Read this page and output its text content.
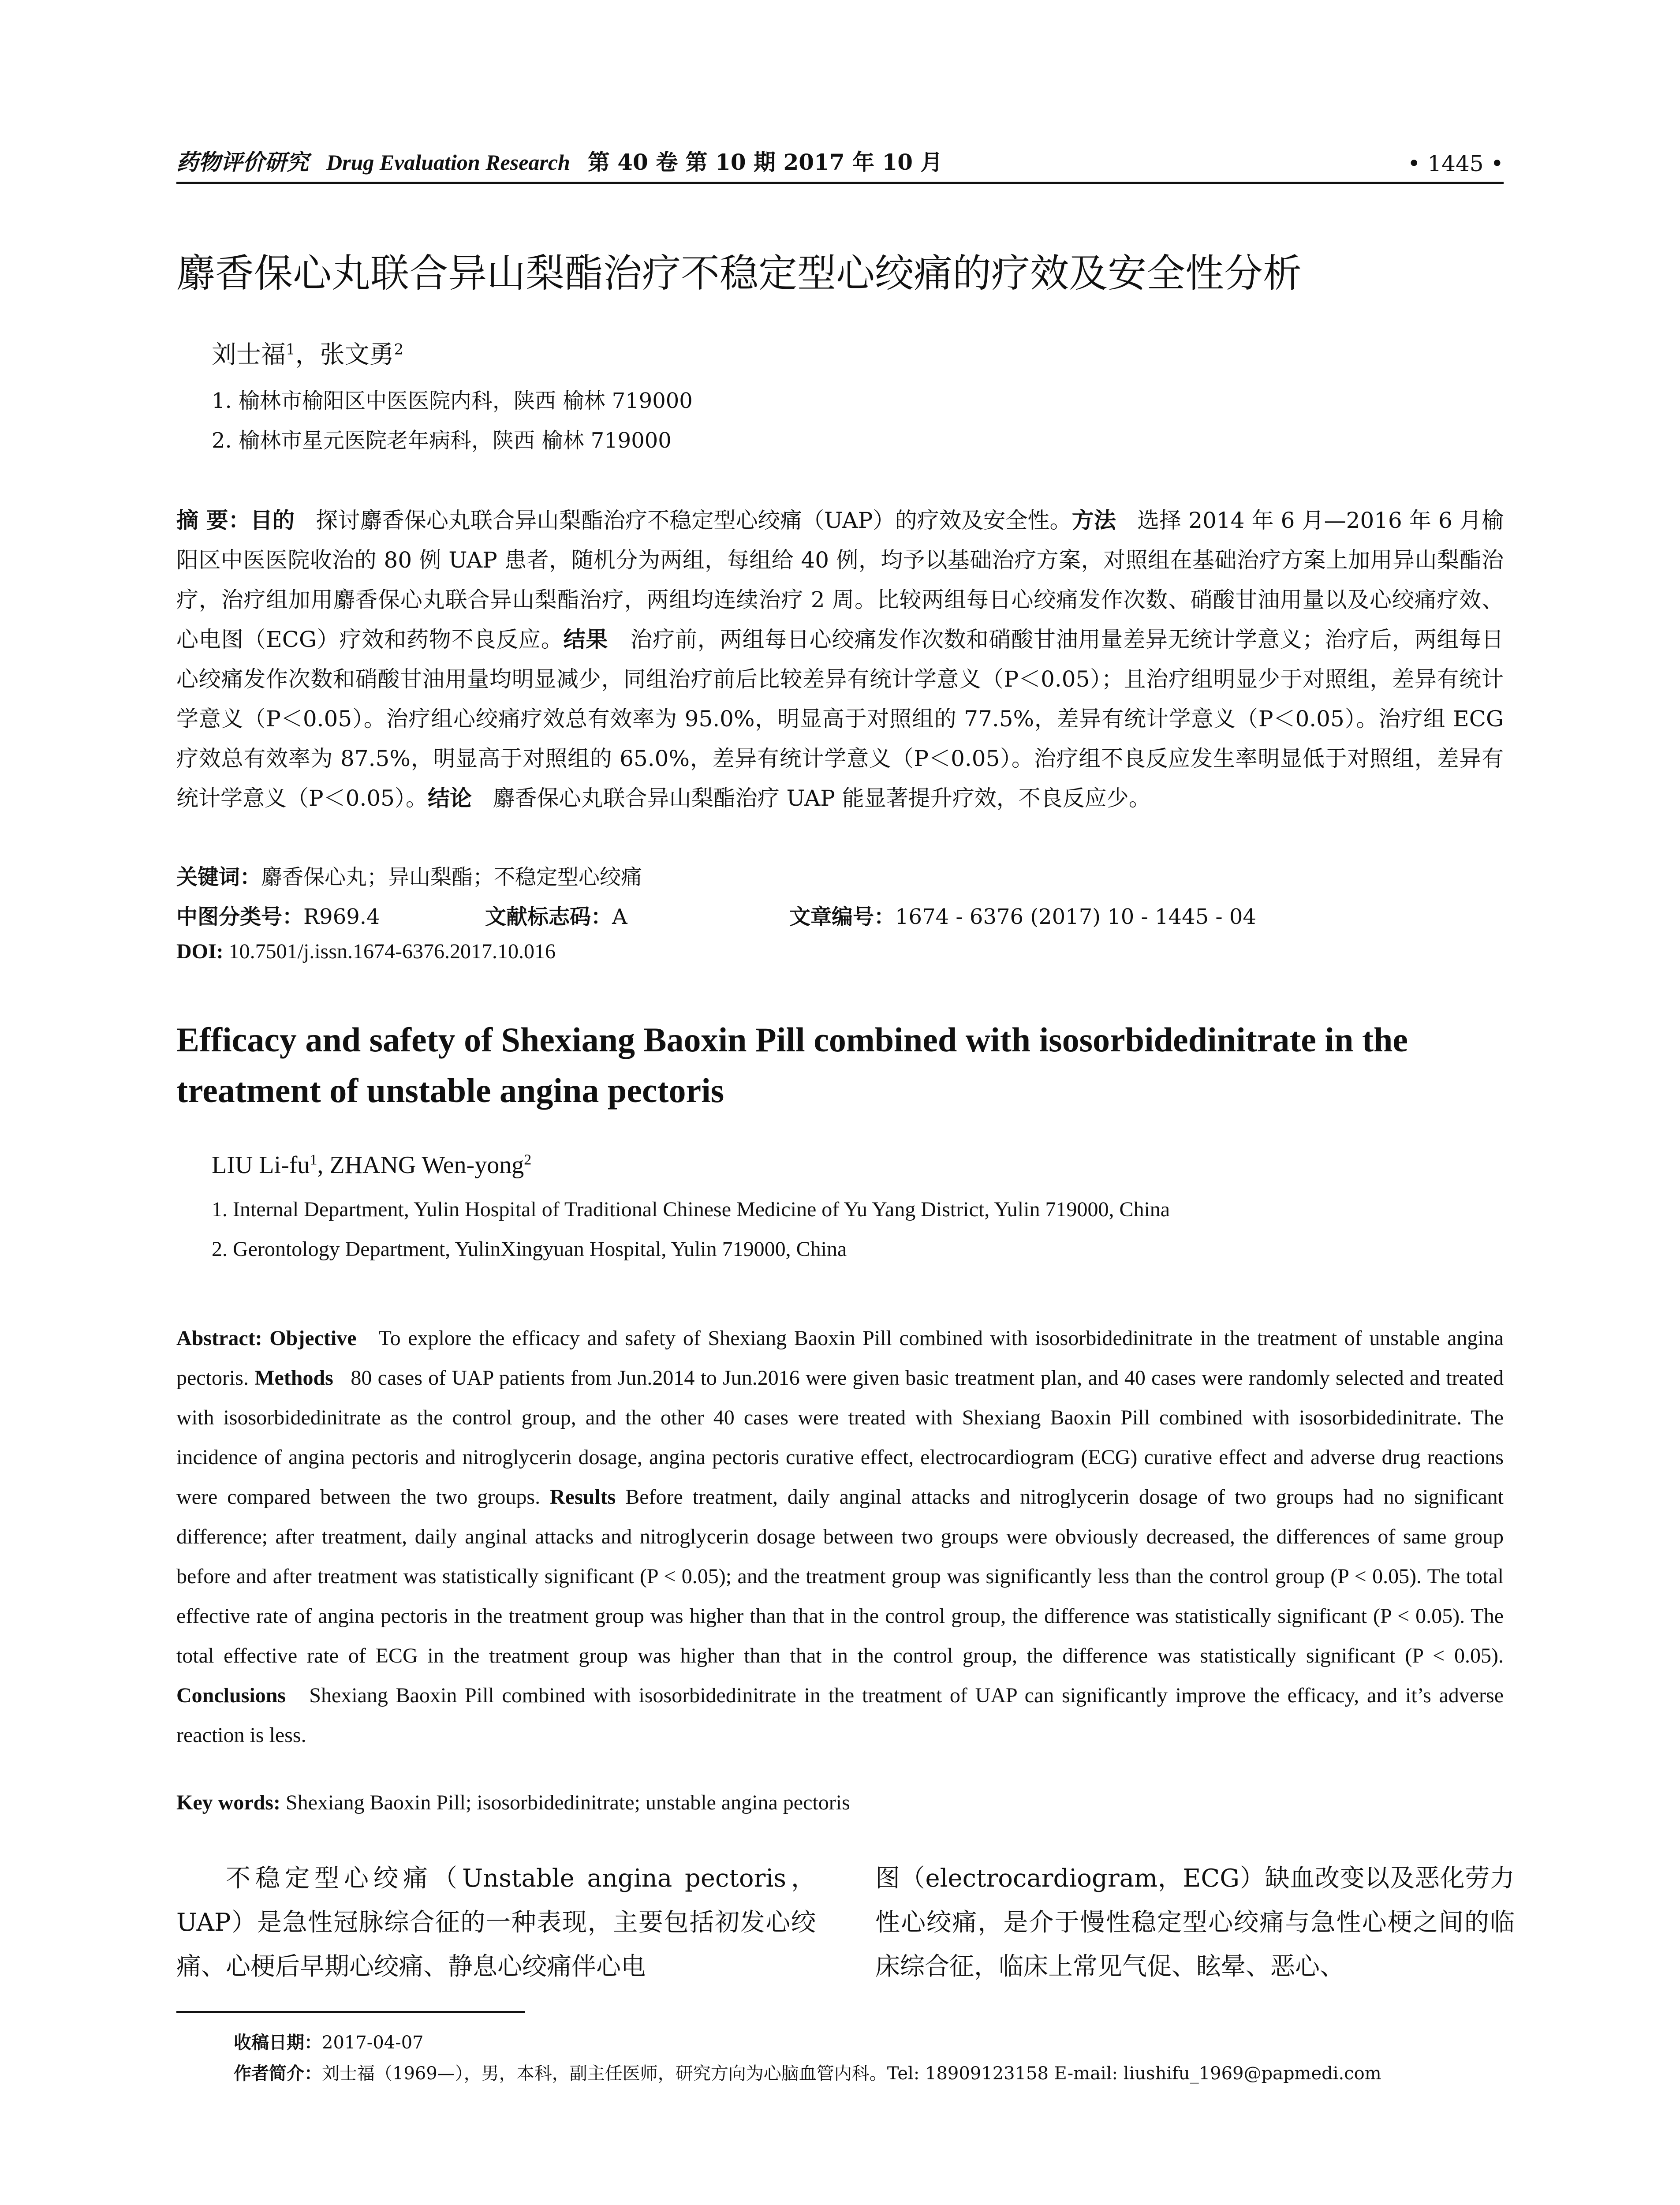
药物评价研究 Drug Evaluation Research 第 40 卷 第 10 期 2017 年 10 月	• 1445 •
麝香保心丸联合异山梨酯治疗不稳定型心绞痛的疗效及安全性分析
刘士福$^1$，张文勇$^2$
1. 榆林市榆阳区中医医院内科，陕西 榆林 719000
2. 榆林市星元医院老年病科，陕西 榆林 719000
摘 要：目的 探讨麝香保心丸联合异山梨酯治疗不稳定型心绞痛（UAP）的疗效及安全性。方法 选择 2014 年 6 月—2016 年 6 月榆阳区中医医院收治的 80 例 UAP 患者，随机分为两组，每组给 40 例，均予以基础治疗方案，对照组在基础治疗方案上加用异山梨酯治疗，治疗组加用麝香保心丸联合异山梨酯治疗，两组均连续治疗 2 周。比较两组每日心绞痛发作次数、硝酸甘油用量以及心绞痛疗效、心电图（ECG）疗效和药物不良反应。结果 治疗前，两组每日心绞痛发作次数和硝酸甘油用量差异无统计学意义；治疗后，两组每日心绞痛发作次数和硝酸甘油用量均明显减少，同组治疗前后比较差异有统计学意义（P＜0.05）；且治疗组明显少于对照组，差异有统计学意义（P＜0.05）。治疗组心绞痛疗效总有效率为 95.0%，明显高于对照组的 77.5%，差异有统计学意义（P＜0.05）。治疗组 ECG 疗效总有效率为 87.5%，明显高于对照组的 65.0%，差异有统计学意义（P＜0.05）。治疗组不良反应发生率明显低于对照组，差异有统计学意义（P＜0.05）。结论 麝香保心丸联合异山梨酯治疗 UAP 能显著提升疗效，不良反应少。
关键词：麝香保心丸；异山梨酯；不稳定型心绞痛
中图分类号：R969.4	文献标志码：A	文章编号：1674 - 6376 (2017) 10 - 1445 - 04
DOI: 10.7501/j.issn.1674-6376.2017.10.016
Efficacy and safety of Shexiang Baoxin Pill combined with isosorbidedinitrate in the treatment of unstable angina pectoris
LIU $Li-fu^1$, ZHANG Wen-yong$^2$
1. Internal Department, Yulin Hospital of Traditional Chinese Medicine of Yu Yang District, Yulin 719000, China
2. Gerontology Department, YulinXingyuan Hospital, Yulin 719000, China
Abstract: Objective To explore the efficacy and safety of Shexiang Baoxin Pill combined with isosorbidedinitrate in the treatment of unstable angina pectoris. Methods 80 cases of UAP patients from Jun.2014 to Jun.2016 were given basic treatment plan, and 40 cases were randomly selected and treated with isosorbidedinitrate as the control group, and the other 40 cases were treated with Shexiang Baoxin Pill combined with isosorbidedinitrate. The incidence of angina pectoris and nitroglycerin dosage, angina pectoris curative effect, electrocardiogram (ECG) curative effect and adverse drug reactions were compared between the two groups. Results Before treatment, daily anginal attacks and nitroglycerin dosage of two groups had no significant difference; after treatment, daily anginal attacks and nitroglycerin dosage between two groups were obviously decreased, the differences of same group before and after treatment was statistically significant (P < 0.05); and the treatment group was significantly less than the control group (P < 0.05). The total effective rate of angina pectoris in the treatment group was higher than that in the control group, the difference was statistically significant (P < 0.05). The total effective rate of ECG in the treatment group was higher than that in the control group, the difference was statistically significant (P < 0.05). Conclusions Shexiang Baoxin Pill combined with isosorbidedinitrate in the treatment of UAP can significantly improve the efficacy, and it’s adverse reaction is less.
Key words: Shexiang Baoxin Pill; isosorbidedinitrate; unstable angina pectoris
不稳定型心绞痛（Unstable angina pectoris，UAP）是急性冠脉综合征的一种表现，主要包括初发心绞痛、心梗后早期心绞痛、静息心绞痛伴心电
图（electrocardiogram，ECG）缺血改变以及恶化劳力性心绞痛，是介于慢性稳定型心绞痛与急性心梗之间的临床综合征，临床上常见气促、眩晕、恶心、
收稿日期：2017-04-07
作者简介：刘士福（1969—），男，本科，副主任医师，研究方向为心脑血管内科。Tel: 18909123158 E-mail: liushifu_1969@papmedi.com
